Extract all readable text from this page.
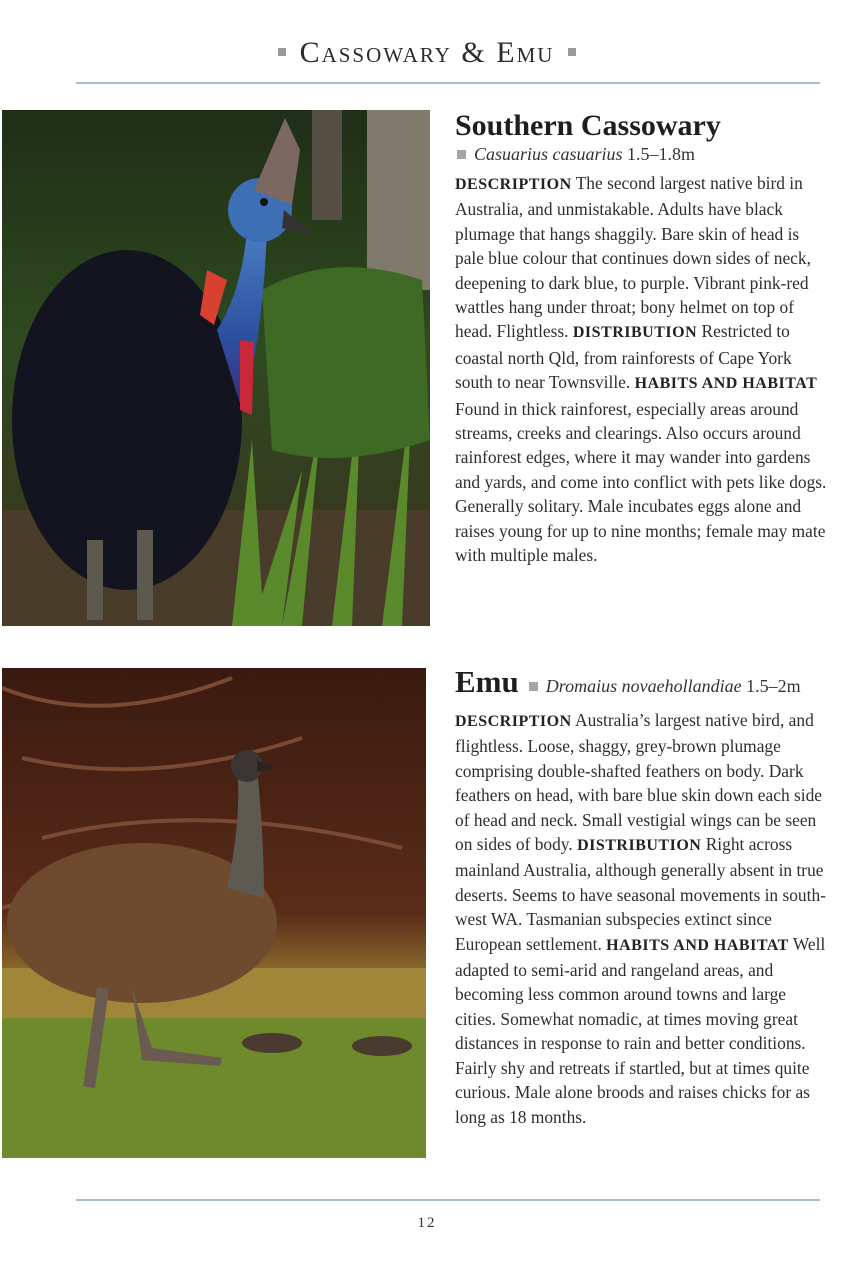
Cassowary & Emu
Southern Cassowary
Casuarius casuarius 1.5–1.8m
DESCRIPTION The second largest native bird in Australia, and unmistakable. Adults have black plumage that hangs shaggily. Bare skin of head is pale blue colour that continues down sides of neck, deepening to dark blue, to purple. Vibrant pink-red wattles hang under throat; bony helmet on top of head. Flightless. DISTRIBUTION Restricted to coastal north Qld, from rainforests of Cape York south to near Townsville. HABITS AND HABITAT Found in thick rainforest, especially areas around streams, creeks and clearings. Also occurs around rainforest edges, where it may wander into gardens and yards, and come into conflict with pets like dogs. Generally solitary. Male incubates eggs alone and raises young for up to nine months; female may mate with multiple males.
Emu Dromaius novaehollandiae 1.5–2m
DESCRIPTION Australia’s largest native bird, and flightless. Loose, shaggy, grey-brown plumage comprising double-shafted feathers on body. Dark feathers on head, with bare blue skin down each side of head and neck. Small vestigial wings can be seen on sides of body. DISTRIBUTION Right across mainland Australia, although generally absent in true deserts. Seems to have seasonal movements in south-west WA. Tasmanian subspecies extinct since European settlement. HABITS AND HABITAT Well adapted to semi-arid and rangeland areas, and becoming less common around towns and large cities. Somewhat nomadic, at times moving great distances in response to rain and better conditions. Fairly shy and retreats if startled, but at times quite curious. Male alone broods and raises chicks for as long as 18 months.
12
